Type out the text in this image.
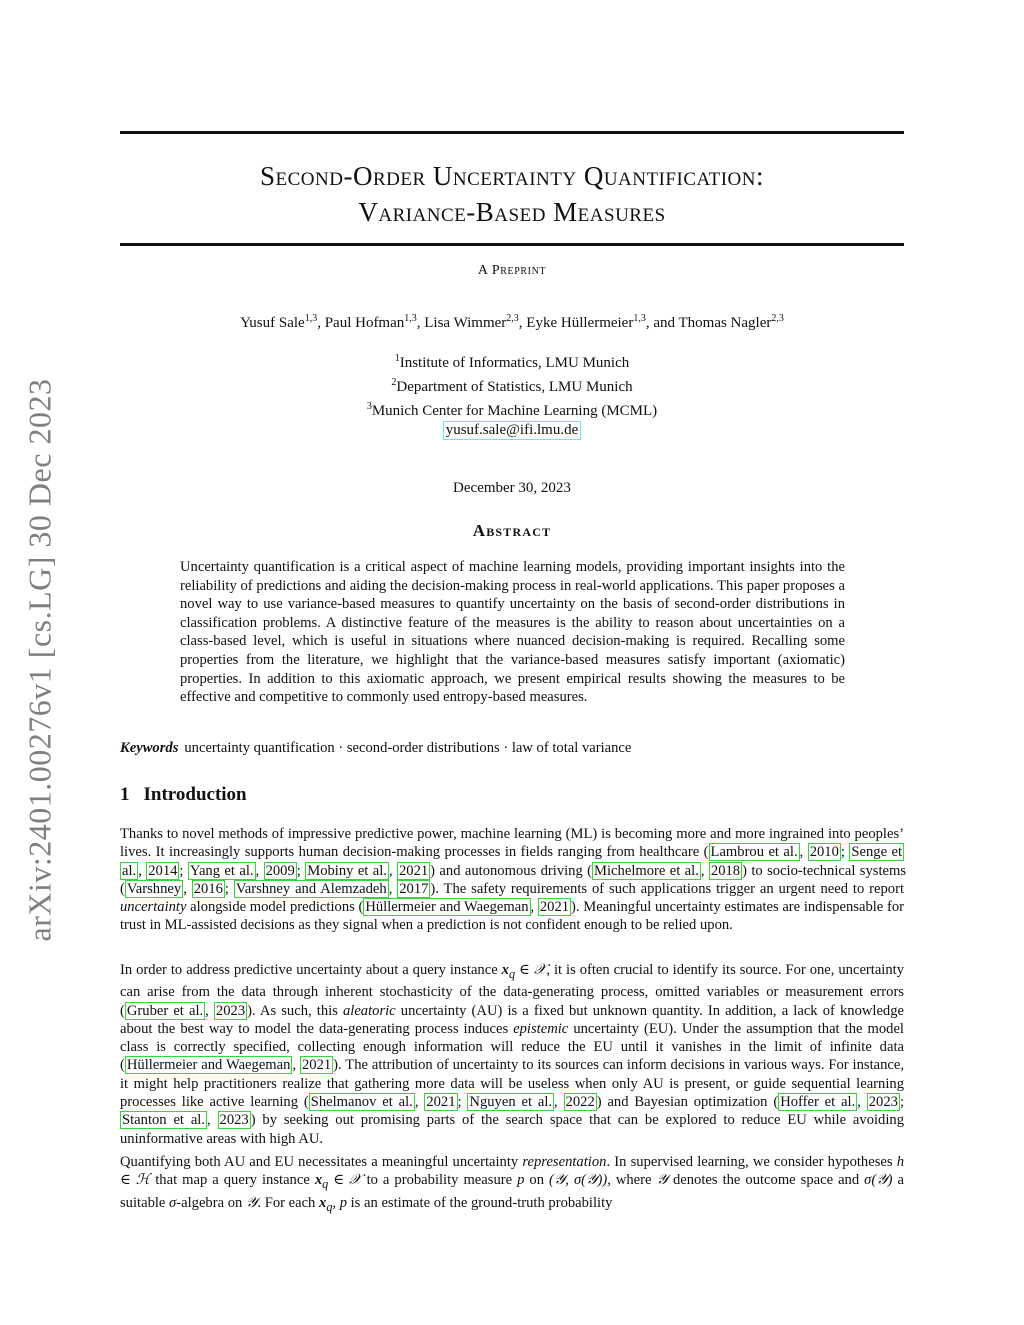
arXiv:2401.00276v1 [cs.LG] 30 Dec 2023
Second-Order Uncertainty Quantification:
Variance-Based Measures
A Preprint
Yusuf Sale$^{1,3}$, Paul Hofman$^{1,3}$, Lisa Wimmer$^{2,3}$, Eyke Hüllermeier$^{1,3}$, and Thomas Nagler$^{2,3}$
$^1$Institute of Informatics, LMU Munich
$^2$Department of Statistics, LMU Munich
$^3$Munich Center for Machine Learning (MCML)
yusuf.sale@ifi.lmu.de
December 30, 2023
Abstract
Uncertainty quantification is a critical aspect of machine learning models, providing important insights into the reliability of predictions and aiding the decision-making process in real-world applications. This paper proposes a novel way to use variance-based measures to quantify uncertainty on the basis of second-order distributions in classification problems. A distinctive feature of the measures is the ability to reason about uncertainties on a class-based level, which is useful in situations where nuanced decision-making is required. Recalling some properties from the literature, we highlight that the variance-based measures satisfy important (axiomatic) properties. In addition to this axiomatic approach, we present empirical results showing the measures to be effective and competitive to commonly used entropy-based measures.
Keywords uncertainty quantification · second-order distributions · law of total variance
1 Introduction

Thanks to novel methods of impressive predictive power, machine learning (ML) is becoming more and more ingrained into peoples’ lives. It increasingly supports human decision-making processes in fields ranging from healthcare ( Lambrou et al. , 2010 ; Senge et al. , 2014 ; Yang et al. , 2009 ; Mobiny et al. , 2021 ) and autonomous driving ( Michelmore et al. , 2018 ) to socio-technical systems ( Varshney , 2016 ; Varshney and Alemzadeh , 2017 ). The safety requirements of such applications trigger an urgent need to report uncertainty alongside model predictions ( Hüllermeier and Waegeman , 2021 ). Meaningful uncertainty estimates are indispensable for trust in ML-assisted decisions as they signal when a prediction is not confident enough to be relied upon.

In order to address predictive uncertainty about a query instance $x_q$ ∈ 𝒳, it is often crucial to identify its source. For one, uncertainty can arise from the data through inherent stochasticity of the data-generating process, omitted variables or measurement errors ( Gruber et al. , 2023 ). As such, this aleatoric uncertainty (AU) is a fixed but unknown quantity. In addition, a lack of knowledge about the best way to model the data-generating process induces epistemic uncertainty (EU). Under the assumption that the model class is correctly specified, collecting enough information will reduce the EU until it vanishes in the limit of infinite data ( Hüllermeier and Waegeman , 2021 ). The attribution of uncertainty to its sources can inform decisions in various ways. For instance, it might help practitioners realize that gathering more data will be useless when only AU is present, or guide sequential learning processes like active learning ( Shelmanov et al. , 2021 ; Nguyen et al. , 2022 ) and Bayesian optimization ( Hoffer et al. , 2023 ; Stanton et al. , 2023 ) by seeking out promising parts of the search space that can be explored to reduce EU while avoiding uninformative areas with high AU.

Quantifying both AU and EU necessitates a meaningful uncertainty representation. In supervised learning, we consider hypotheses h ∈ ℋ that map a query instance $x_q$ ∈ 𝒳 to a probability measure p on (𝒴, σ(𝒴)), where 𝒴 denotes the outcome space and σ(𝒴) a suitable σ-algebra on 𝒴. For each $x_q$, p is an estimate of the ground-truth probability
